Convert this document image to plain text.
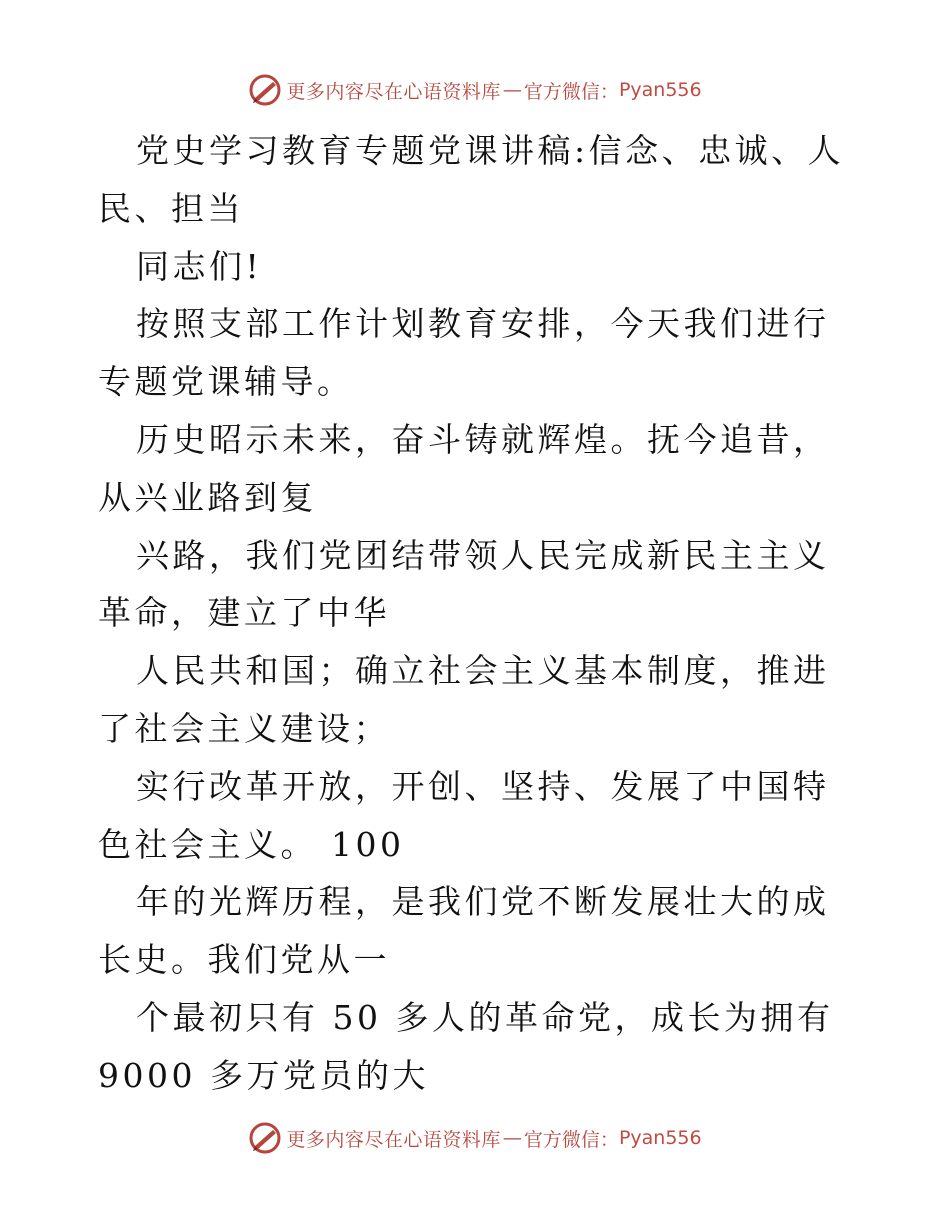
更多内容尽在心语资料库 — 官方微信： Pyan556

党史学习教育专题党课讲稿:信念、忠诚、人民、担当

同志们!

按照支部工作计划教育安排，今天我们进行专题党课辅导。

历史昭示未来，奋斗铸就辉煌。抚今追昔，从兴业路到复

兴路，我们党团结带领人民完成新民主主义革命，建立了中华

人民共和国；确立社会主义基本制度，推进了社会主义建设；

实行改革开放，开创、坚持、发展了中国特色社会主义。 100

年的光辉历程，是我们党不断发展壮大的成长史。我们党从一

个最初只有 50 多人的革命党，成长为拥有 9000 多万党员的大

更多内容尽在心语资料库 — 官方微信： Pyan556
